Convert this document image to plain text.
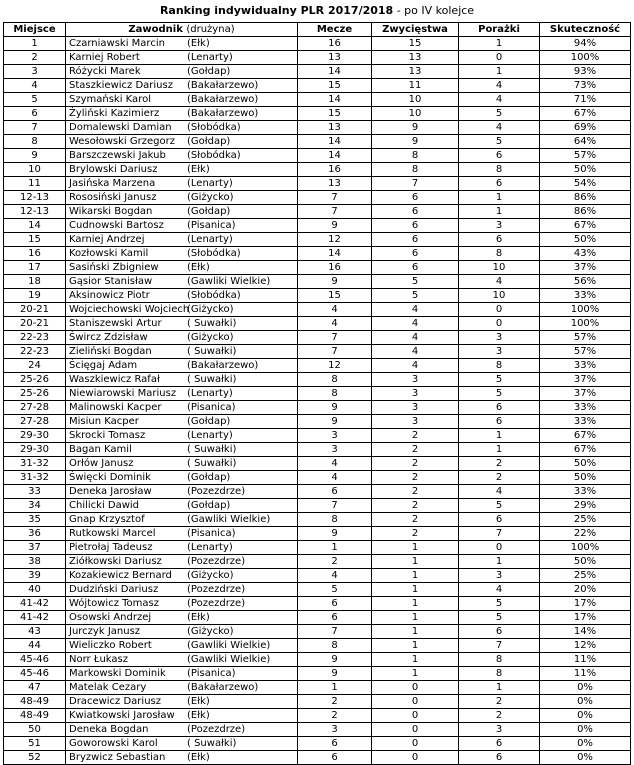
Ranking indywidualny PLR 2017/2018 - po IV kolejce
Miejsce	Zawodnik (drużyna)	Mecze	Zwycięstwa	Porażki	Skuteczność
1	Czarniawski Marcin (Ełk)	16	15	1	94%
2	Karniej Robert (Lenarty)	13	13	0	100%
3	Różycki Marek (Gołdap)	14	13	1	93%
4	Staszkiewicz Dariusz (Bakałarzewo)	15	11	4	73%
5	Szymański Karol (Bakałarzewo)	14	10	4	71%
6	Żyliński Kazimierz (Bakałarzewo)	15	10	5	67%
7	Domalewski Damian (Słobódka)	13	9	4	69%
8	Wesołowski Grzegorz (Gołdap)	14	9	5	64%
9	Barszczewski Jakub (Słobódka)	14	8	6	57%
10	Brylowski Dariusz (Ełk)	16	8	8	50%
11	Jasińska Marzena (Lenarty)	13	7	6	54%
12-13	Rososiński Janusz (Giżycko)	7	6	1	86%
12-13	Wikarski Bogdan (Gołdap)	7	6	1	86%
14	Cudnowski Bartosz (Pisanica)	9	6	3	67%
15	Karniej Andrzej (Lenarty)	12	6	6	50%
16	Kozłowski Kamil (Słobódka)	14	6	8	43%
17	Sasiński Zbigniew (Ełk)	16	6	10	37%
18	Gąsior Stanisław (Gawliki Wielkie)	9	5	4	56%
19	Aksinowicz Piotr (Słobódka)	15	5	10	33%
20-21	Wojciechowski Wojciech(Giżycko)	4	4	0	100%
20-21	Staniszewski Artur ( Suwałki)	4	4	0	100%
22-23	Śwircz Zdzisław (Giżycko)	7	4	3	57%
22-23	Zieliński Bogdan ( Suwałki)	7	4	3	57%
24	Ścięgaj Adam (Bakałarzewo)	12	4	8	33%
25-26	Waszkiewicz Rafał ( Suwałki)	8	3	5	37%
25-26	Niewiarowski Mariusz (Lenarty)	8	3	5	37%
27-28	Malinowski Kacper (Pisanica)	9	3	6	33%
27-28	Misiun Kacper (Gołdap)	9	3	6	33%
29-30	Skrocki Tomasz (Lenarty)	3	2	1	67%
29-30	Bagan Kamil ( Suwałki)	3	2	1	67%
31-32	Orłów Janusz ( Suwałki)	4	2	2	50%
31-32	Święcki Dominik (Gołdap)	4	2	2	50%
33	Deneka Jarosław (Pozezdrze)	6	2	4	33%
34	Chilicki Dawid (Gołdap)	7	2	5	29%
35	Gnap Krzysztof (Gawliki Wielkie)	8	2	6	25%
36	Rutkowski Marcel (Pisanica)	9	2	7	22%
37	Pietrołaj Tadeusz (Lenarty)	1	1	0	100%
38	Ziółkowski Dariusz (Pozezdrze)	2	1	1	50%
39	Kozakiewicz Bernard (Giżycko)	4	1	3	25%
40	Dudziński Dariusz (Pozezdrze)	5	1	4	20%
41-42	Wójtowicz Tomasz (Pozezdrze)	6	1	5	17%
41-42	Osowski Andrzej (Ełk)	6	1	5	17%
43	Jurczyk Janusz (Giżycko)	7	1	6	14%
44	Wieliczko Robert (Gawliki Wielkie)	8	1	7	12%
45-46	Norr Łukasz (Gawliki Wielkie)	9	1	8	11%
45-46	Markowski Dominik (Pisanica)	9	1	8	11%
47	Matelak Cezary (Bakałarzewo)	1	0	1	0%
48-49	Dracewicz Dariusz (Ełk)	2	0	2	0%
48-49	Kwiatkowski Jarosław (Ełk)	2	0	2	0%
50	Deneka Bogdan (Pozezdrze)	3	0	3	0%
51	Goworowski Karol ( Suwałki)	6	0	6	0%
52	Bryzwicz Sebastian (Ełk)	6	0	6	0%
